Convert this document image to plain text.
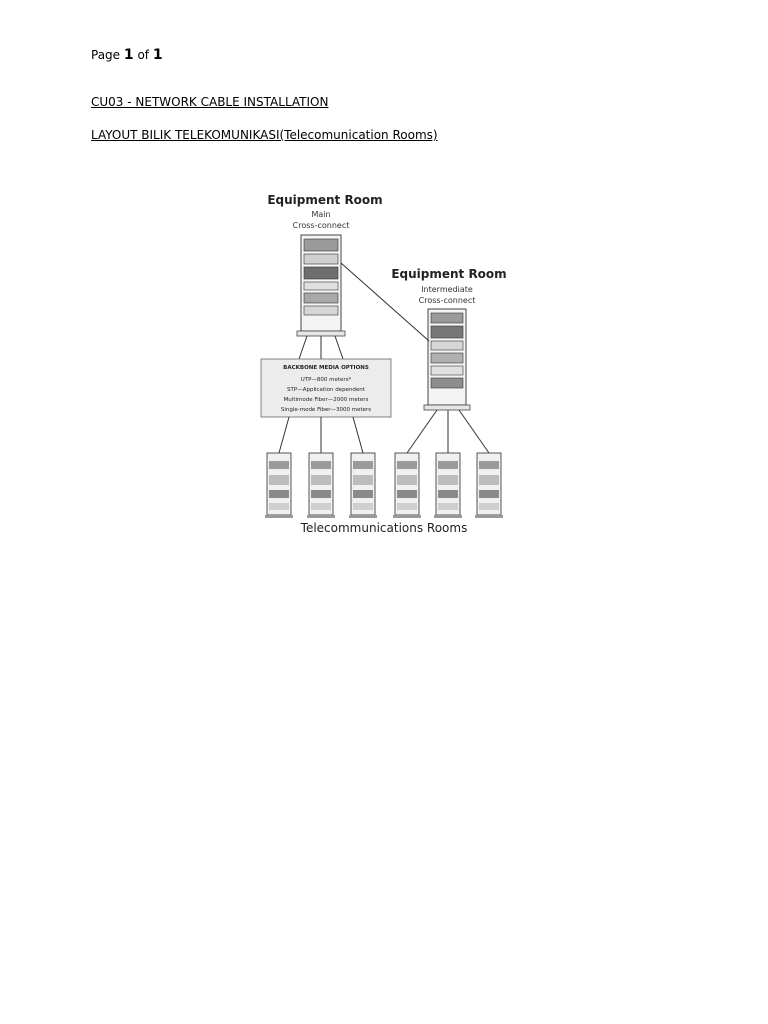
Page 1 of 1
CU03 - NETWORK CABLE INSTALLATION
LAYOUT BILIK TELEKOMUNIKASI(Telecomunication Rooms)
Equipment Room
Main
Cross-connect
Equipment Room
Intermediate
Cross-connect
BACKBONE MEDIA OPTIONS
UTP—800 meters*
STP—Application dependent
Multimode Fiber—2000 meters
Single-mode Fiber—3000 meters
Telecommunications Rooms
